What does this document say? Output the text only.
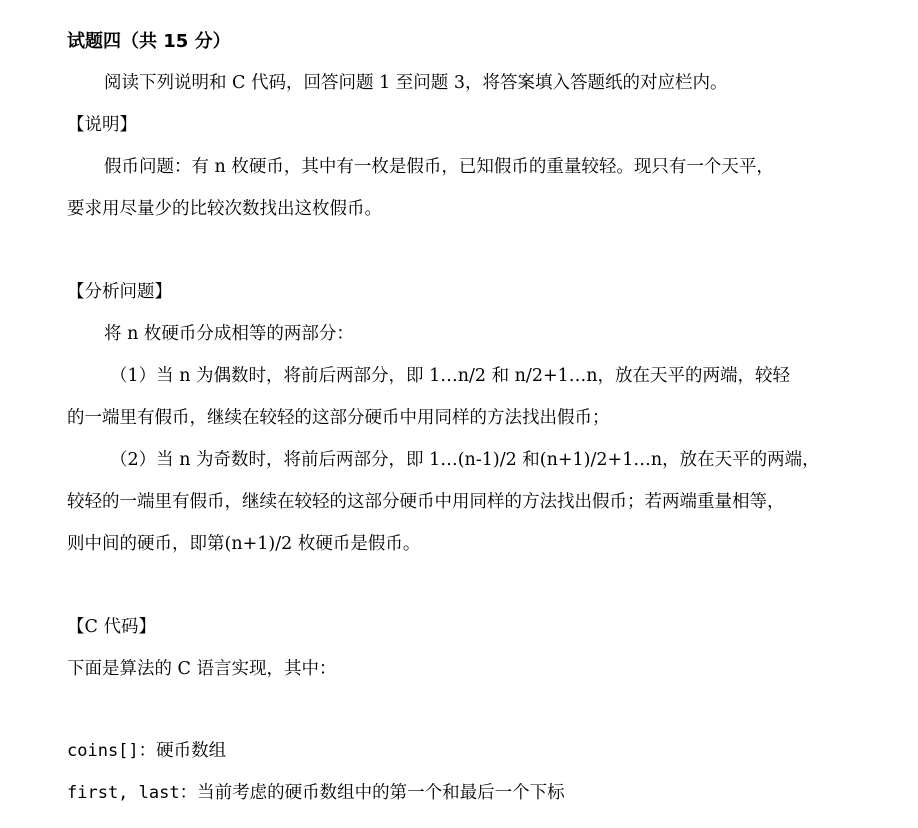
试题四（共 15 分）
阅读下列说明和 C 代码，回答问题 1 至问题 3，将答案填入答题纸的对应栏内。
【说明】
假币问题：有 n 枚硬币，其中有一枚是假币，已知假币的重量较轻。现只有一个天平，
要求用尽量少的比较次数找出这枚假币。
【分析问题】
将 n 枚硬币分成相等的两部分：
（1）当 n 为偶数时，将前后两部分，即 1…n/2 和 n/2+1…n，放在天平的两端，较轻
的一端里有假币，继续在较轻的这部分硬币中用同样的方法找出假币；
（2）当 n 为奇数时，将前后两部分，即 1…(n-1)/2 和(n+1)/2+1…n，放在天平的两端，
较轻的一端里有假币，继续在较轻的这部分硬币中用同样的方法找出假币；若两端重量相等，
则中间的硬币，即第(n+1)/2 枚硬币是假币。
【C 代码】
下面是算法的 C 语言实现，其中：
coins[]：硬币数组
first, last：当前考虑的硬币数组中的第一个和最后一个下标
